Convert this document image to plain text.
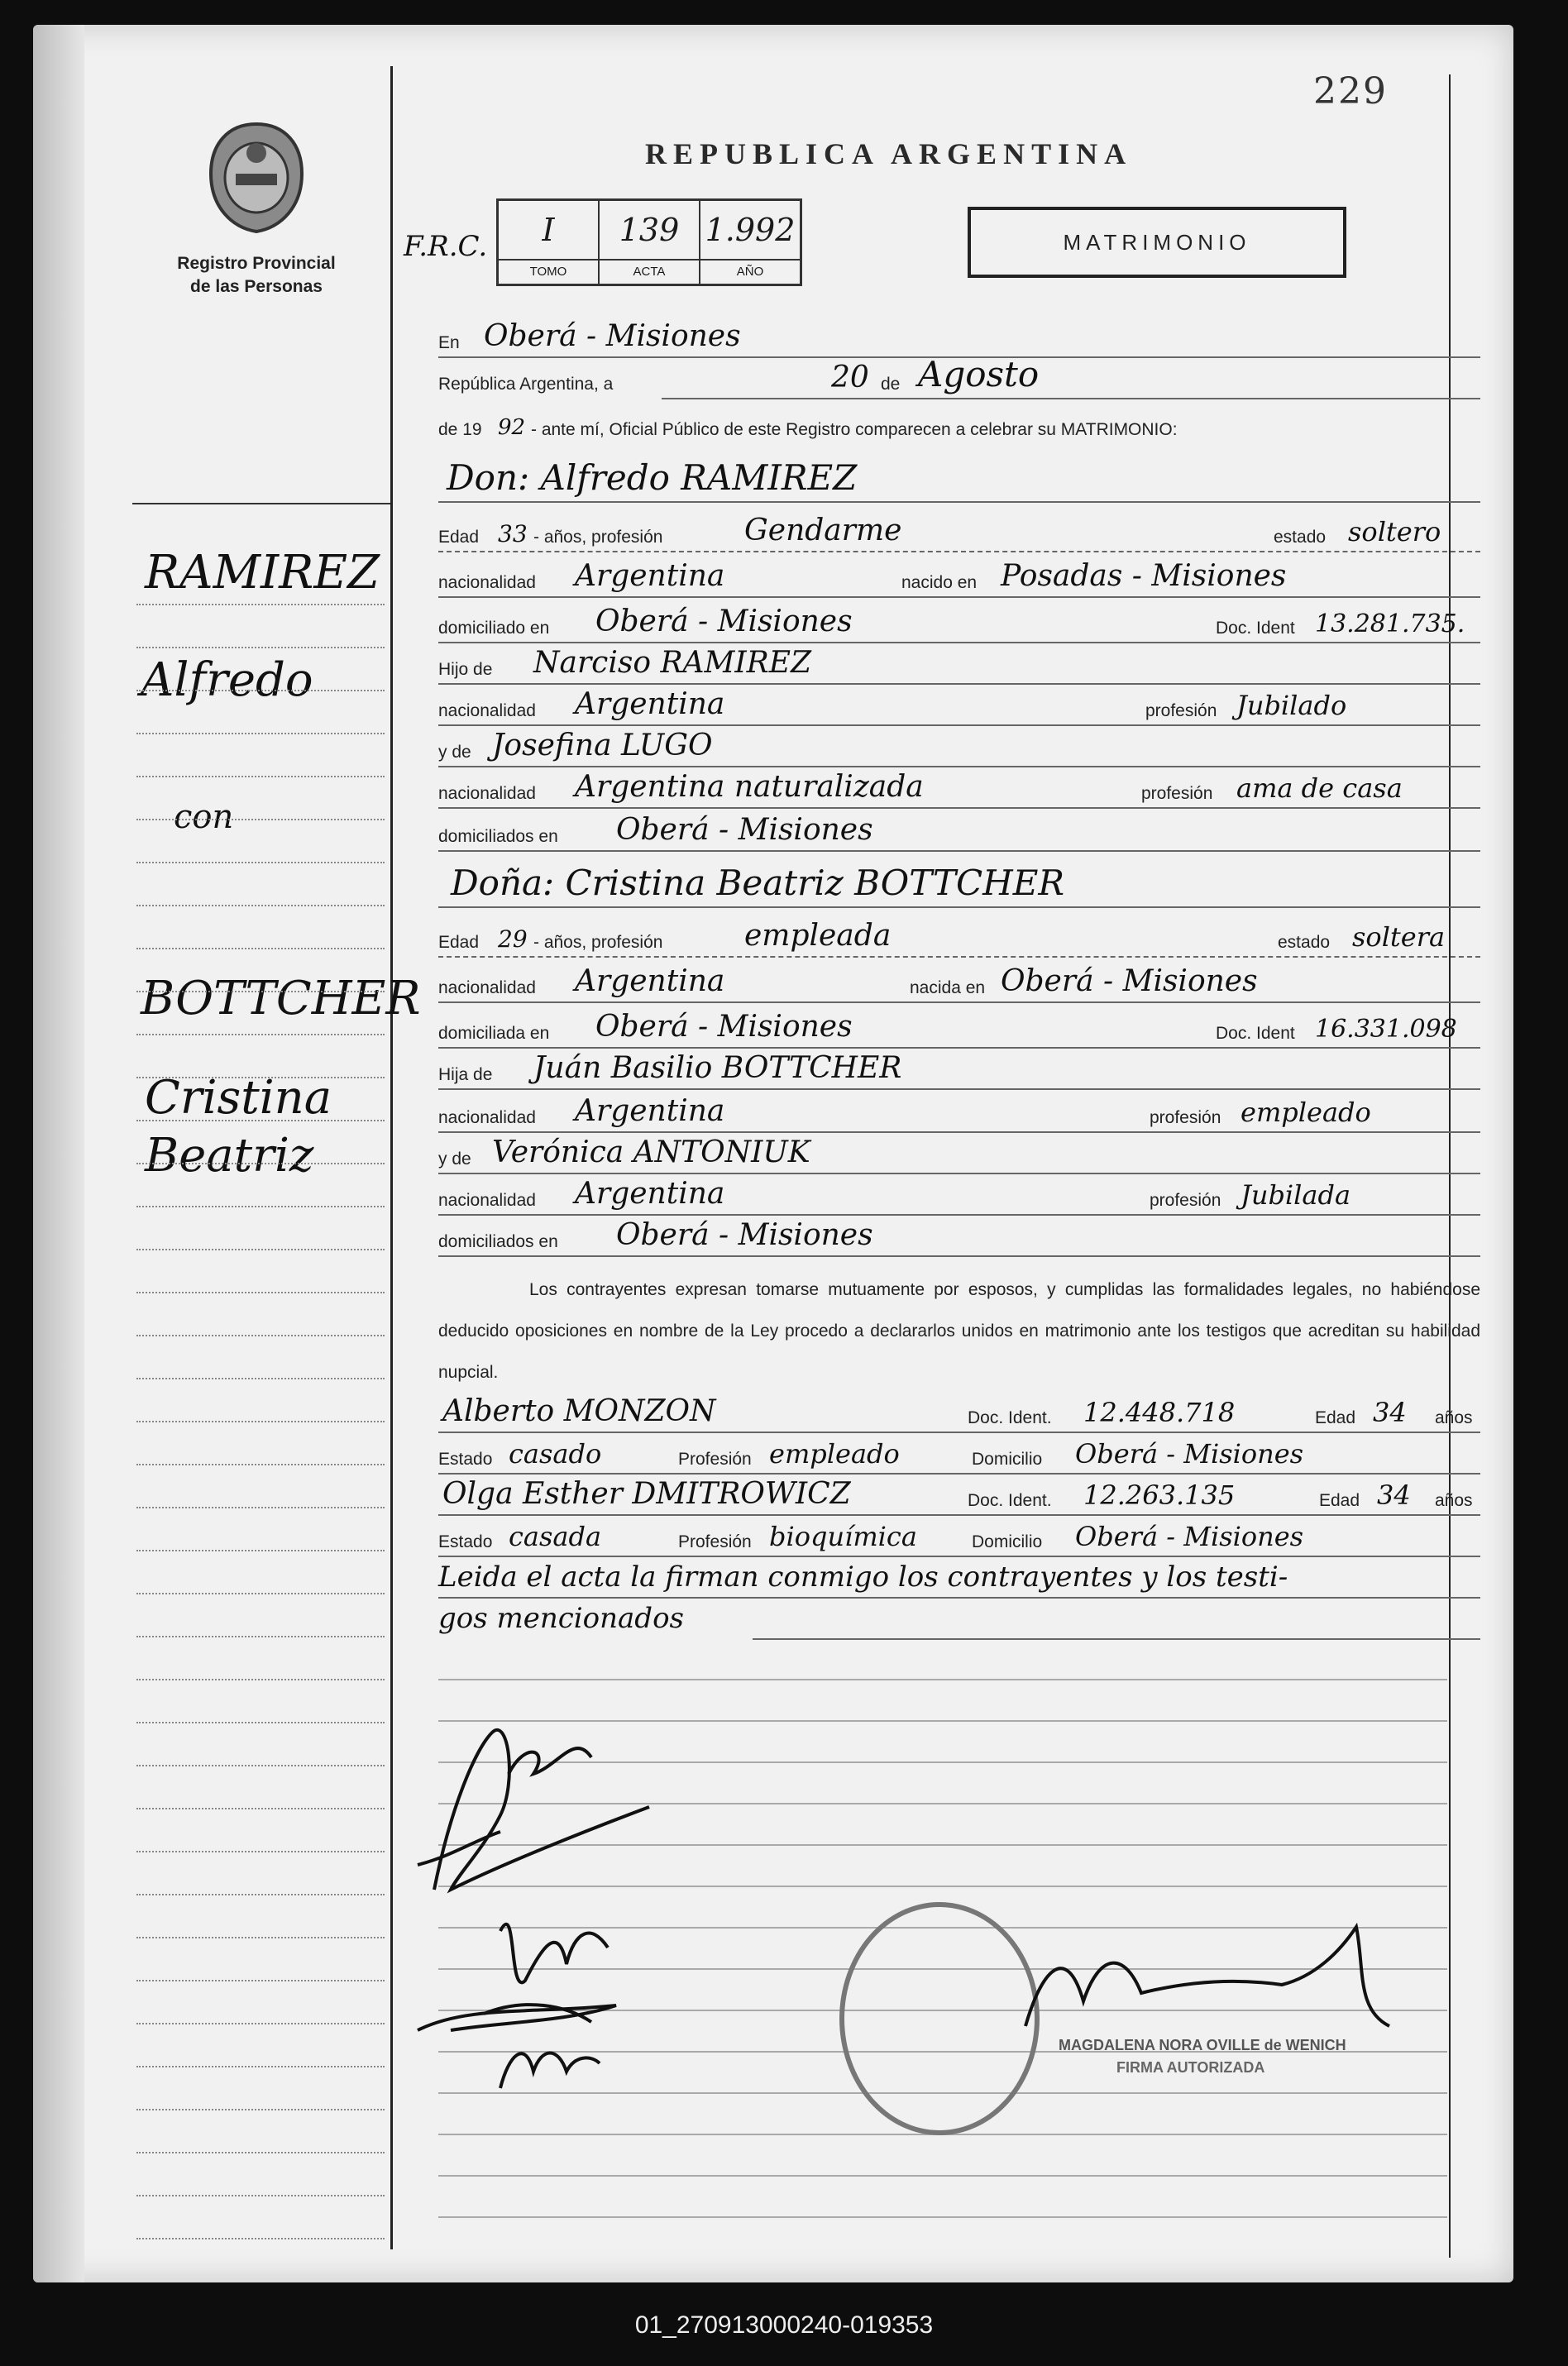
229
Registro Provincial
de las Personas
REPUBLICA ARGENTINA
F.R.C.	I
TOMO
139
ACTA
1.992
AÑO
MATRIMONIO
En Oberá - Misiones
República Argentina, a	20 de Agosto
de 19 92 - ante mí, Oficial Público de este Registro comparecen a celebrar su MATRIMONIO:
Don: Alfredo RAMIREZ
Edad 33 - años, profesión	Gendarme	estado soltero
nacionalidad Argentina	nacido en Posadas - Misiones
domiciliado en Oberá - Misiones	Doc. Ident 13.281.735.
Hijo de Narciso RAMIREZ
nacionalidad Argentina	profesión Jubilado
y de Josefina LUGO
nacionalidad Argentina naturalizada	profesión ama de casa
domiciliados en Oberá - Misiones
Doña: Cristina Beatriz BOTTCHER
Edad 29 - años, profesión	empleada	estado soltera
nacionalidad Argentina	nacida en Oberá - Misiones
domiciliada en Oberá - Misiones	Doc. Ident 16.331.098
Hija de Juán Basilio BOTTCHER
nacionalidad Argentina	profesión empleado
y de Verónica ANTONIUK
nacionalidad Argentina	profesión Jubilada
domiciliados en Oberá - Misiones
Los contrayentes expresan tomarse mutuamente por esposos, y cumplidas las formalidades legales, no habiéndose deducido oposiciones en nombre de la Ley procedo a declararlos unidos en matrimonio ante los testigos que acreditan su habilidad nupcial.
Alberto MONZON	Doc. Ident. 12.448.718	Edad 34 años
Estado casado	Profesión empleado	Domicilio Oberá - Misiones
Olga Esther DMITROWICZ	Doc. Ident. 12.263.135	Edad 34 años
Estado casada	Profesión bioquímica	Domicilio Oberá - Misiones
Leida el acta la firman conmigo los contrayentes y los testi-
gos mencionados
RAMIREZ
Alfredo
con
BOTTCHER
Cristina
Beatriz
MAGDALENA NORA OVILLE de WENICH
FIRMA AUTORIZADA
01_270913000240-019353
